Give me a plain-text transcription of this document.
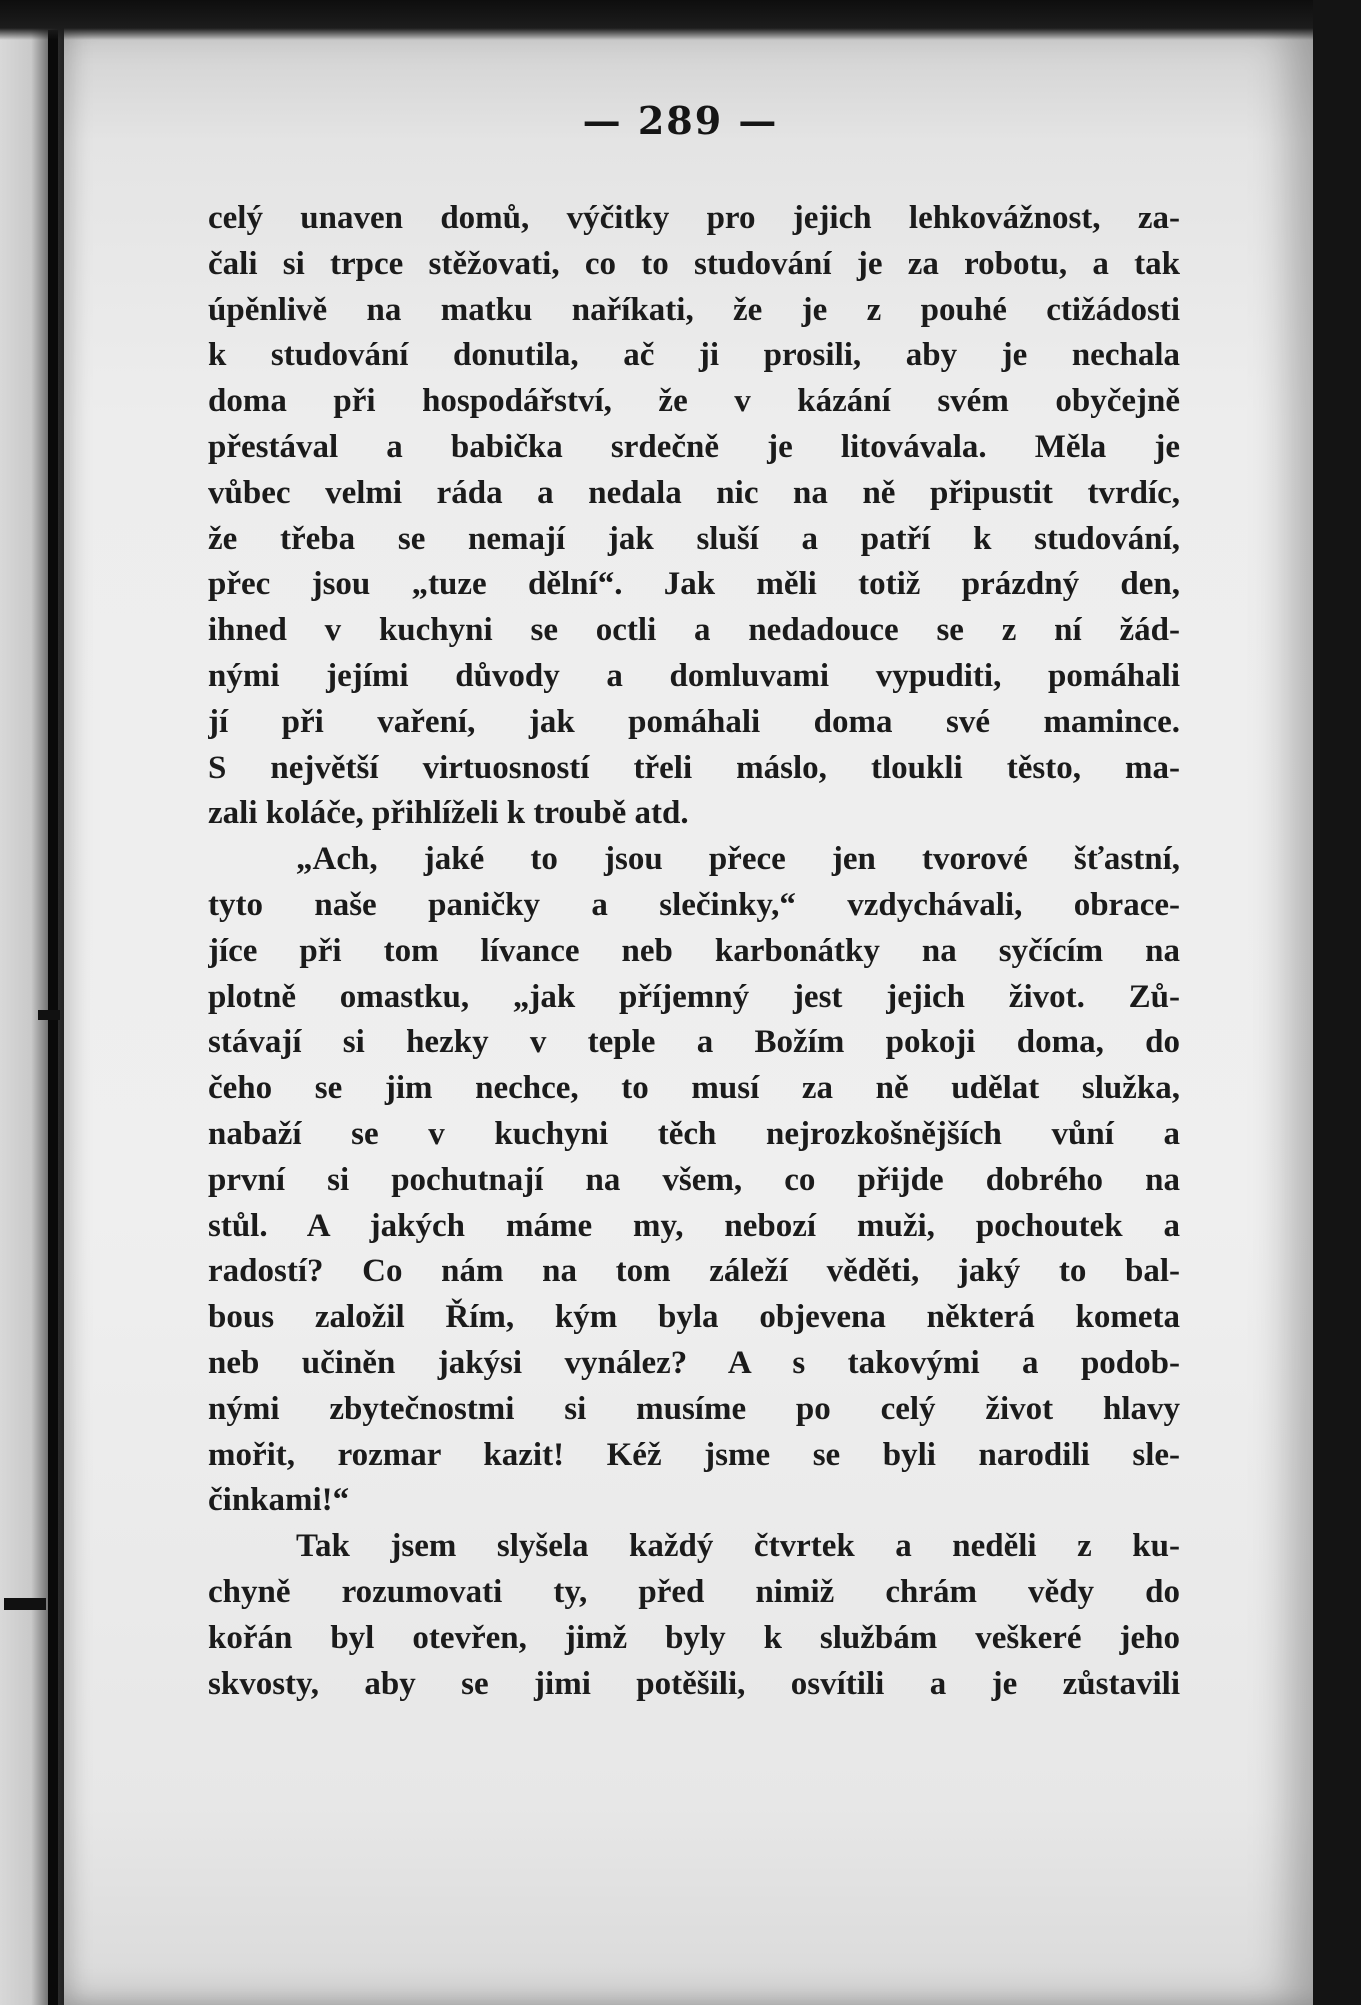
— 289 —
celý unaven domů, výčitky pro jejich lehkovážnost, za-
čali si trpce stěžovati, co to studování je za robotu, a tak
úpěnlivě na matku naříkati, že je z pouhé ctižádosti
k studování donutila, ač ji prosili, aby je nechala
doma při hospodářství, že v kázání svém obyčejně
přestával a babička srdečně je litovávala. Měla je
vůbec velmi ráda a nedala nic na ně připustit tvrdíc,
že třeba se nemají jak sluší a patří k studování,
přec jsou „tuze dělní“. Jak měli totiž prázdný den,
ihned v kuchyni se octli a nedadouce se z ní žád-
nými jejími důvody a domluvami vypuditi, pomáhali
jí při vaření, jak pomáhali doma své mamince.
S největší virtuosností třeli máslo, tloukli těsto, ma-
zali koláče, přihlíželi k troubě atd.
„Ach, jaké to jsou přece jen tvorové šťastní,
tyto naše paničky a slečinky,“ vzdychávali, obrace-
jíce při tom lívance neb karbonátky na syčícím na
plotně omastku, „jak příjemný jest jejich život. Zů-
stávají si hezky v teple a Božím pokoji doma, do
čeho se jim nechce, to musí za ně udělat služka,
nabaží se v kuchyni těch nejrozkošnějších vůní a
první si pochutnají na všem, co přijde dobrého na
stůl. A jakých máme my, nebozí muži, pochoutek a
radostí? Co nám na tom záleží věděti, jaký to bal-
bous založil Řím, kým byla objevena některá kometa
neb učiněn jakýsi vynález? A s takovými a podob-
nými zbytečnostmi si musíme po celý život hlavy
mořit, rozmar kazit! Kéž jsme se byli narodili sle-
činkami!“
Tak jsem slyšela každý čtvrtek a neděli z ku-
chyně rozumovati ty, před nimiž chrám vědy do
kořán byl otevřen, jimž byly k službám veškeré jeho
skvosty, aby se jimi potěšili, osvítili a je zůstavili
